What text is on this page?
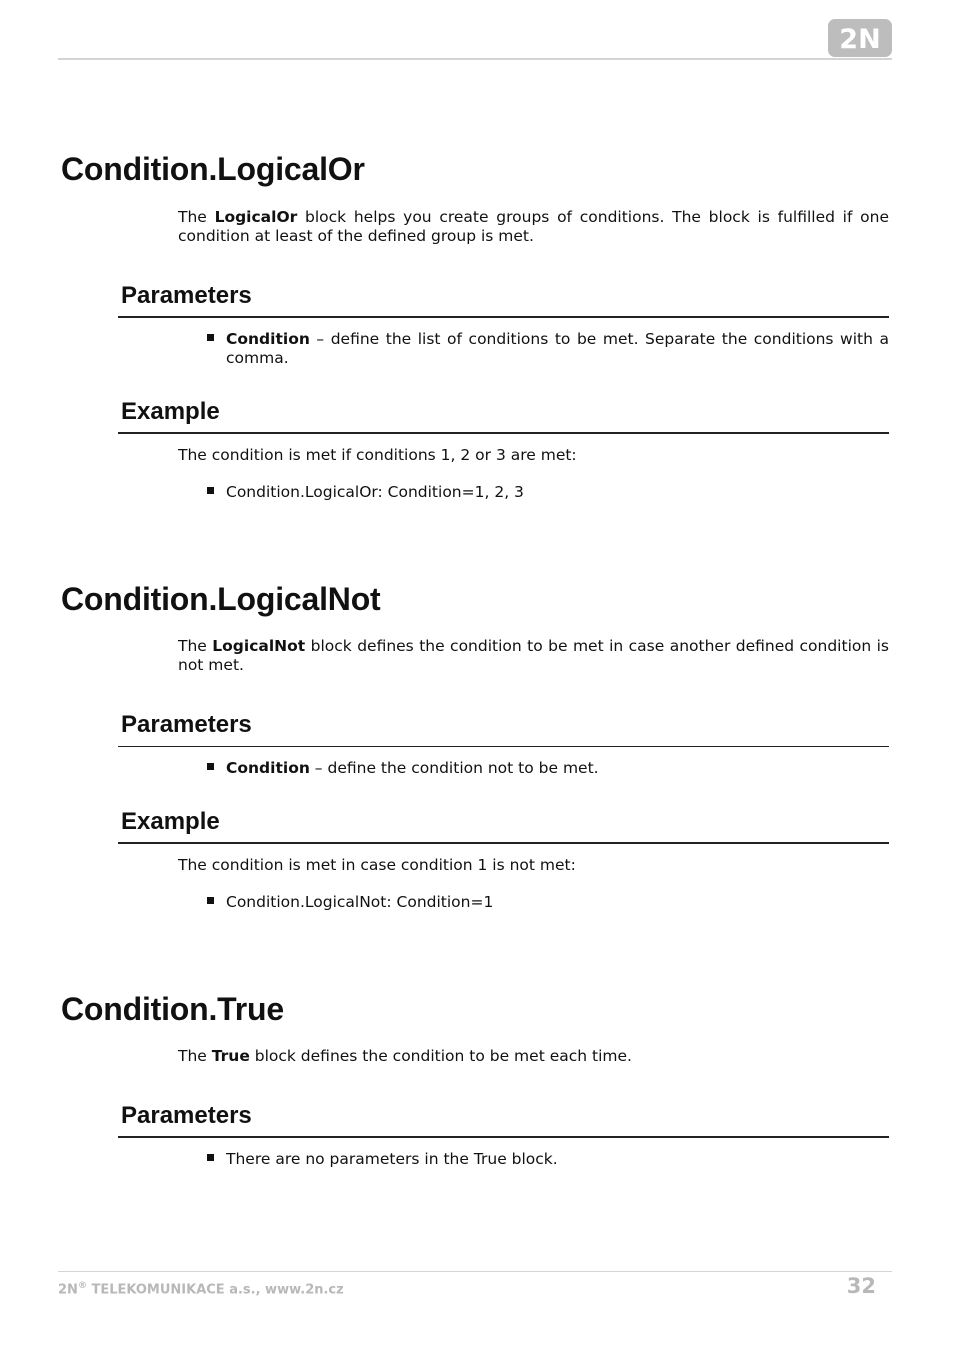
2N
Condition.LogicalOr
The LogicalOr block helps you create groups of conditions. The block is fulfilled if one condition at least of the defined group is met.
Parameters
Condition – define the list of conditions to be met. Separate the conditions with a comma.
Example
The condition is met if conditions 1, 2 or 3 are met:
Condition.LogicalOr: Condition=1, 2, 3
Condition.LogicalNot
The LogicalNot block defines the condition to be met in case another defined condition is not met.
Parameters
Condition – define the condition not to be met.
Example
The condition is met in case condition 1 is not met:
Condition.LogicalNot: Condition=1
Condition.True
The True block defines the condition to be met each time.
Parameters
There are no parameters in the True block.
2N® TELEKOMUNIKACE a.s., www.2n.cz	32
